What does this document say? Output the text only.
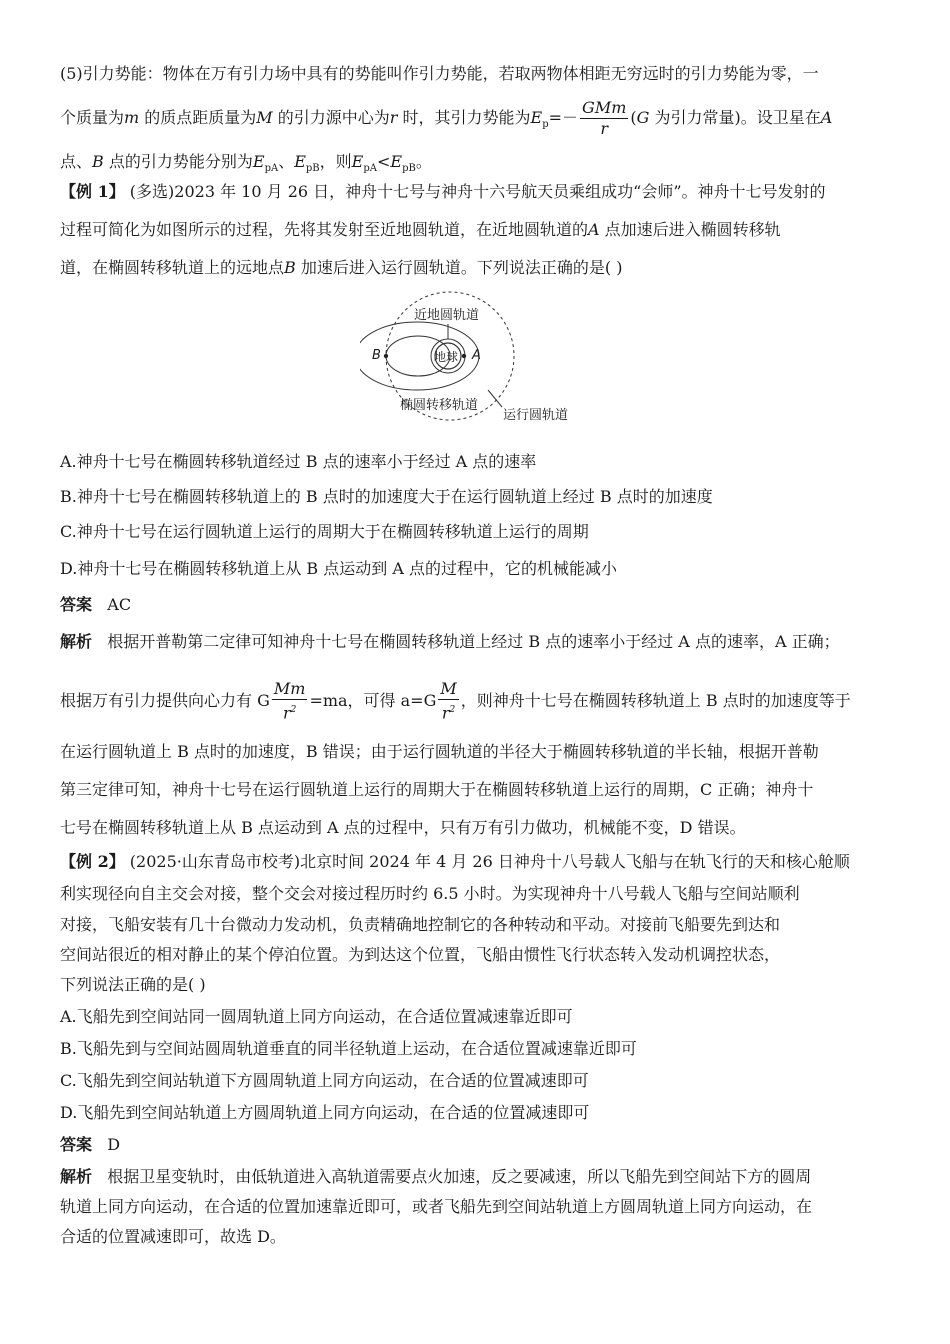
(5)引力势能：物体在万有引力场中具有的势能叫作引力势能，若取两物体相距无穷远时的引力势能为零，一
个质量为m 的质点距质量为M 的引力源中心为r 时，其引力势能为$E_p=- \frac{\text{GMm}}{r} (G$ 为引力常量)。设卫星在A
点、B 点的引力势能分别为$E_{pA}$、$E_{pB}$，则$E_{pA}<E_{pB}$。
【例 1】 (多选)2023 年 10 月 26 日，神舟十七号与神舟十六号航天员乘组成功“会师”。神舟十七号发射的
过程可简化为如图所示的过程，先将其发射至近地圆轨道，在近地圆轨道的A 点加速后进入椭圆转移轨
道，在椭圆转移轨道上的远地点B 加速后进入运行圆轨道。下列说法正确的是( )
近地圆轨道
地球 A
B
椭圆转移轨道
运行圆轨道
A.神舟十七号在椭圆转移轨道经过 B 点的速率小于经过 A 点的速率
B.神舟十七号在椭圆转移轨道上的 B 点时的加速度大于在运行圆轨道上经过 B 点时的加速度
C.神舟十七号在运行圆轨道上运行的周期大于在椭圆转移轨道上运行的周期
D.神舟十七号在椭圆转移轨道上从 B 点运动到 A 点的过程中，它的机械能减小
答案 AC
解析 根据开普勒第二定律可知神舟十七号在椭圆转移轨道上经过 B 点的速率小于经过 A 点的速率，A 正确；
根据万有引力提供向心力有 G $\frac{Mm}{r^2} =ma$，可得 $a=G \frac{M}{r^2}$ ，则神舟十七号在椭圆转移轨道上 B 点时的加速度等于
在运行圆轨道上 B 点时的加速度，B 错误；由于运行圆轨道的半径大于椭圆转移轨道的半长轴，根据开普勒
第三定律可知，神舟十七号在运行圆轨道上运行的周期大于在椭圆转移轨道上运行的周期，C 正确；神舟十
七号在椭圆转移轨道上从 B 点运动到 A 点的过程中，只有万有引力做功，机械能不变，D 错误。
【例 2】 (2025·山东青岛市校考)北京时间 2024 年 4 月 26 日神舟十八号载人飞船与在轨飞行的天和核心舱顺
利实现径向自主交会对接，整个交会对接过程历时约 6.5 小时。为实现神舟十八号载人飞船与空间站顺利
对接，飞船安装有几十台微动力发动机，负责精确地控制它的各种转动和平动。对接前飞船要先到达和
空间站很近的相对静止的某个停泊位置。为到达这个位置，飞船由惯性飞行状态转入发动机调控状态，
下列说法正确的是( )
A.飞船先到空间站同一圆周轨道上同方向运动，在合适位置减速靠近即可
B.飞船先到与空间站圆周轨道垂直的同半径轨道上运动，在合适位置减速靠近即可
C.飞船先到空间站轨道下方圆周轨道上同方向运动，在合适的位置减速即可
D.飞船先到空间站轨道上方圆周轨道上同方向运动，在合适的位置减速即可
答案 D
解析 根据卫星变轨时，由低轨道进入高轨道需要点火加速，反之要减速，所以飞船先到空间站下方的圆周
轨道上同方向运动，在合适的位置加速靠近即可，或者飞船先到空间站轨道上方圆周轨道上同方向运动，在
合适的位置减速即可，故选 D。
